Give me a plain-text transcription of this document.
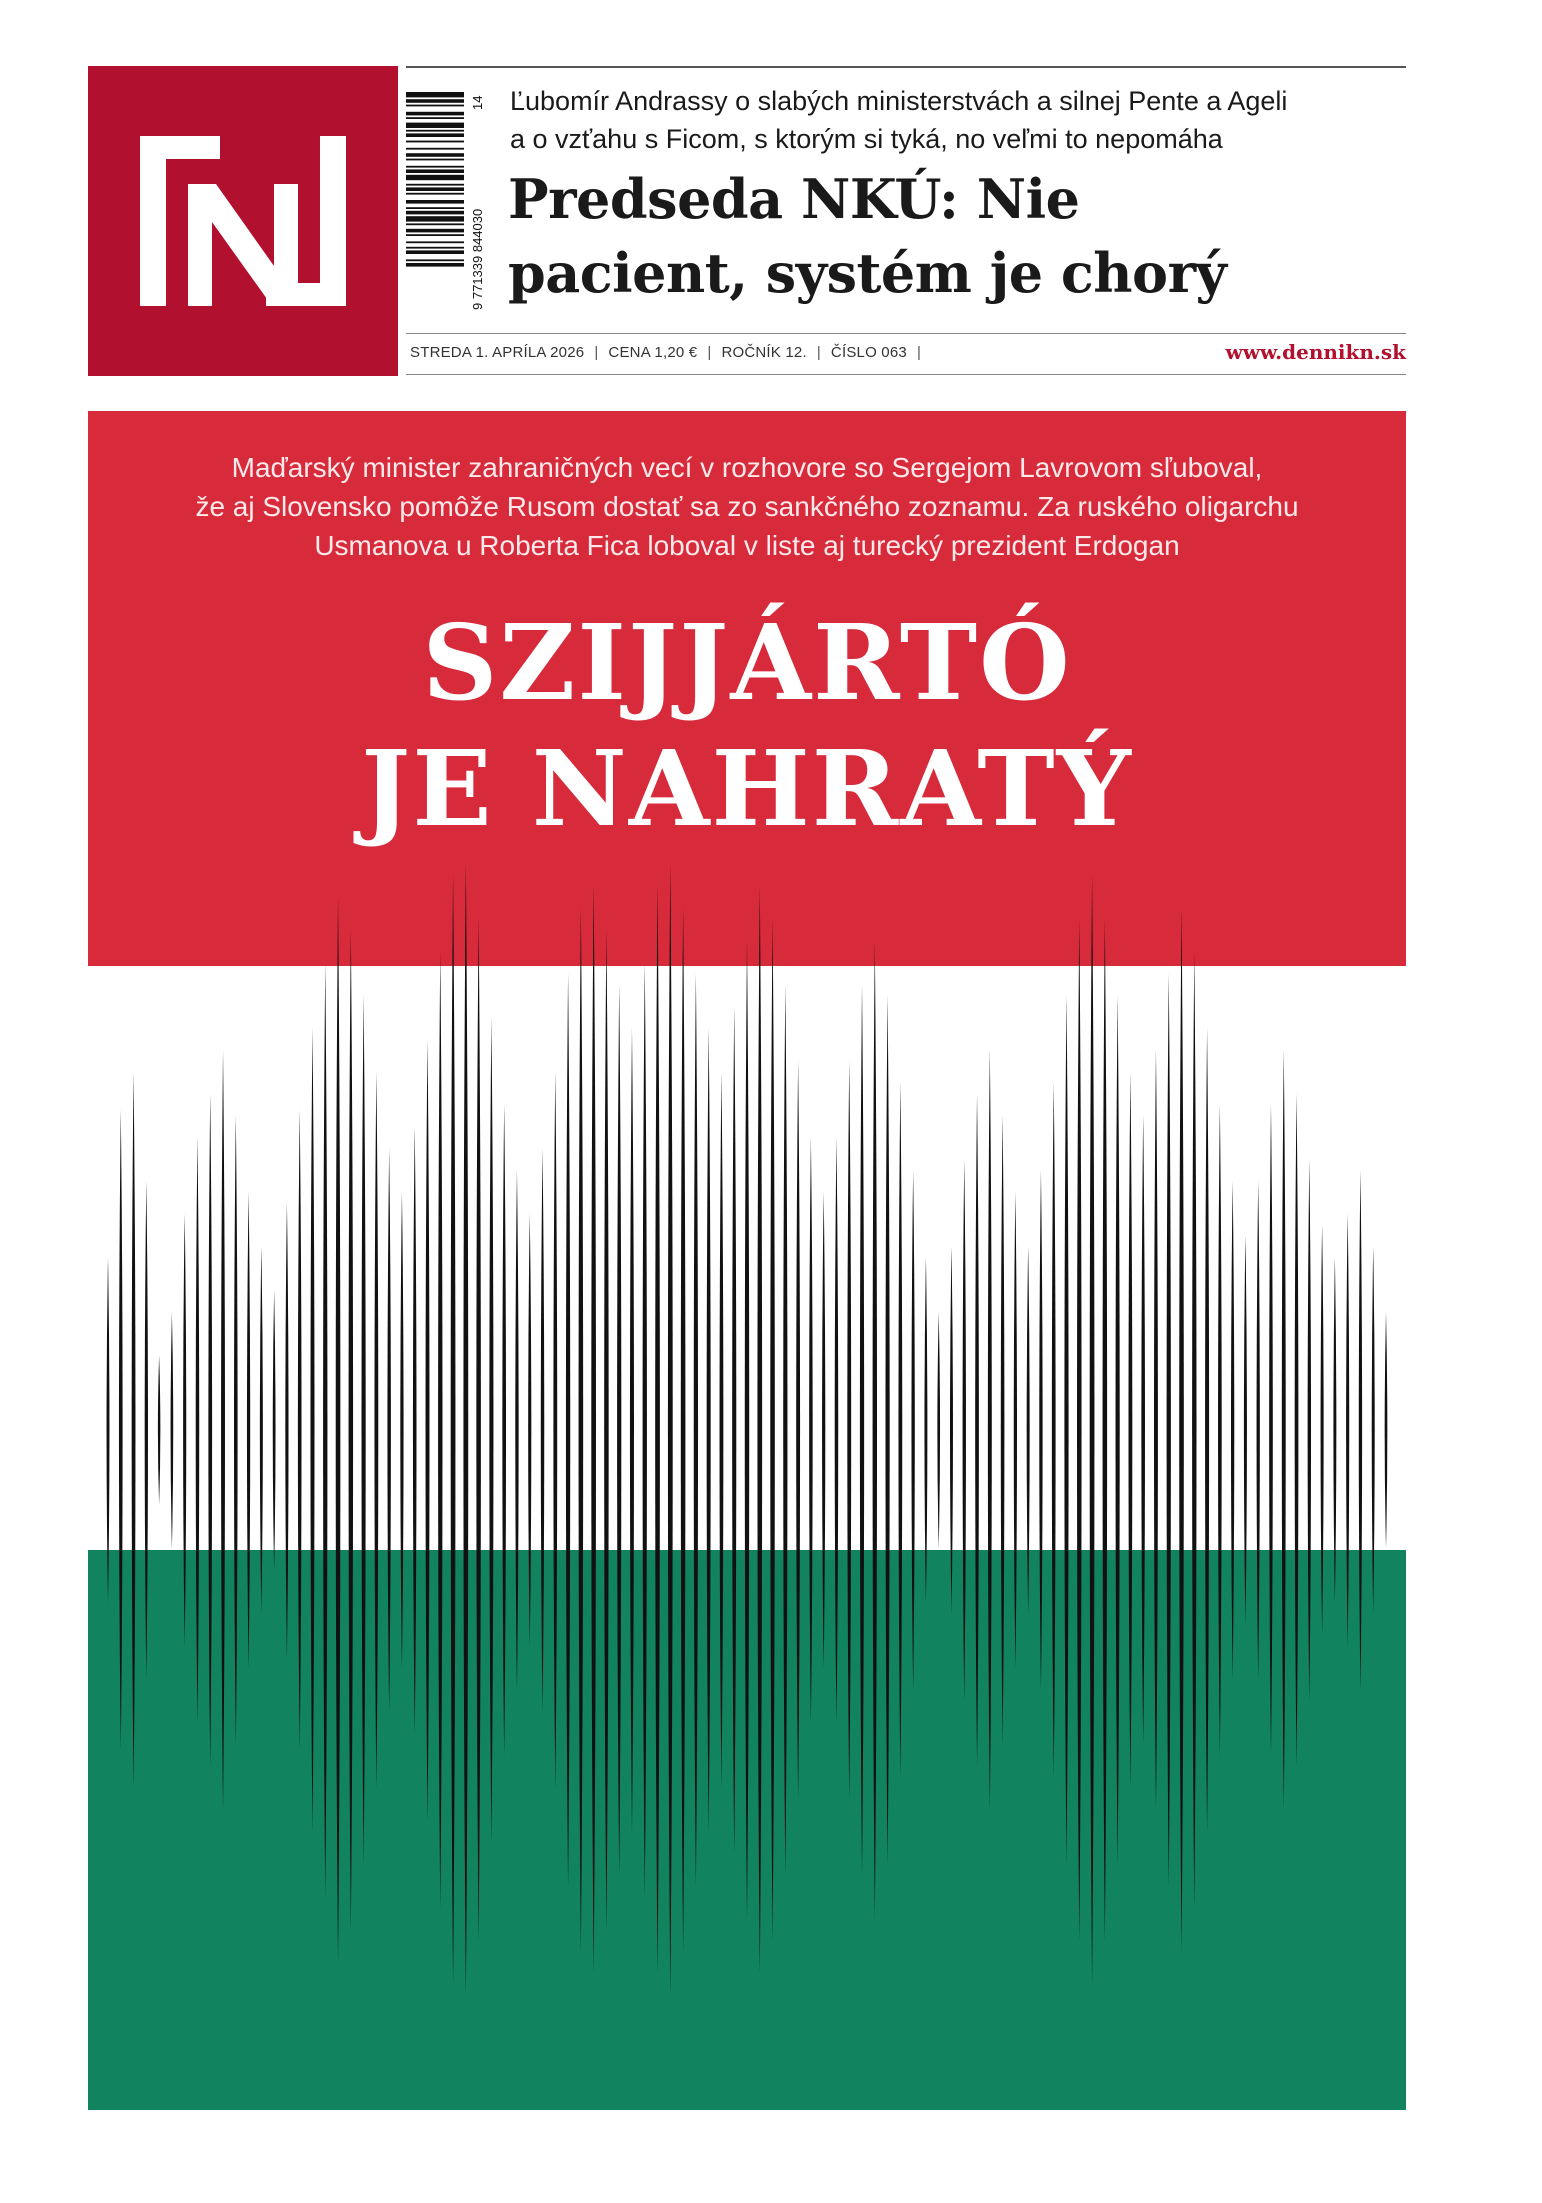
9 771339 844030
14 Ľubomír Andrassy o slabých ministerstvách a silnej Pente a Ageli
a o vzťahu s Ficom, s ktorým si tyká, no veľmi to nepomáha
Predseda NKÚ: Nie
pacient, systém je chorý
STREDA 1. APRÍLA 2026 | CENA 1,20 € | ROČNÍK 12. | ČÍSLO 063 |	www.dennikn.sk
Maďarský minister zahraničných vecí v rozhovore so Sergejom Lavrovom sľuboval,
že aj Slovensko pomôže Rusom dostať sa zo sankčného zoznamu. Za ruského oligarchu
Usmanova u Roberta Fica loboval v liste aj turecký prezident Erdogan
SZIJJÁRTÓ
JE NAHRATÝ
